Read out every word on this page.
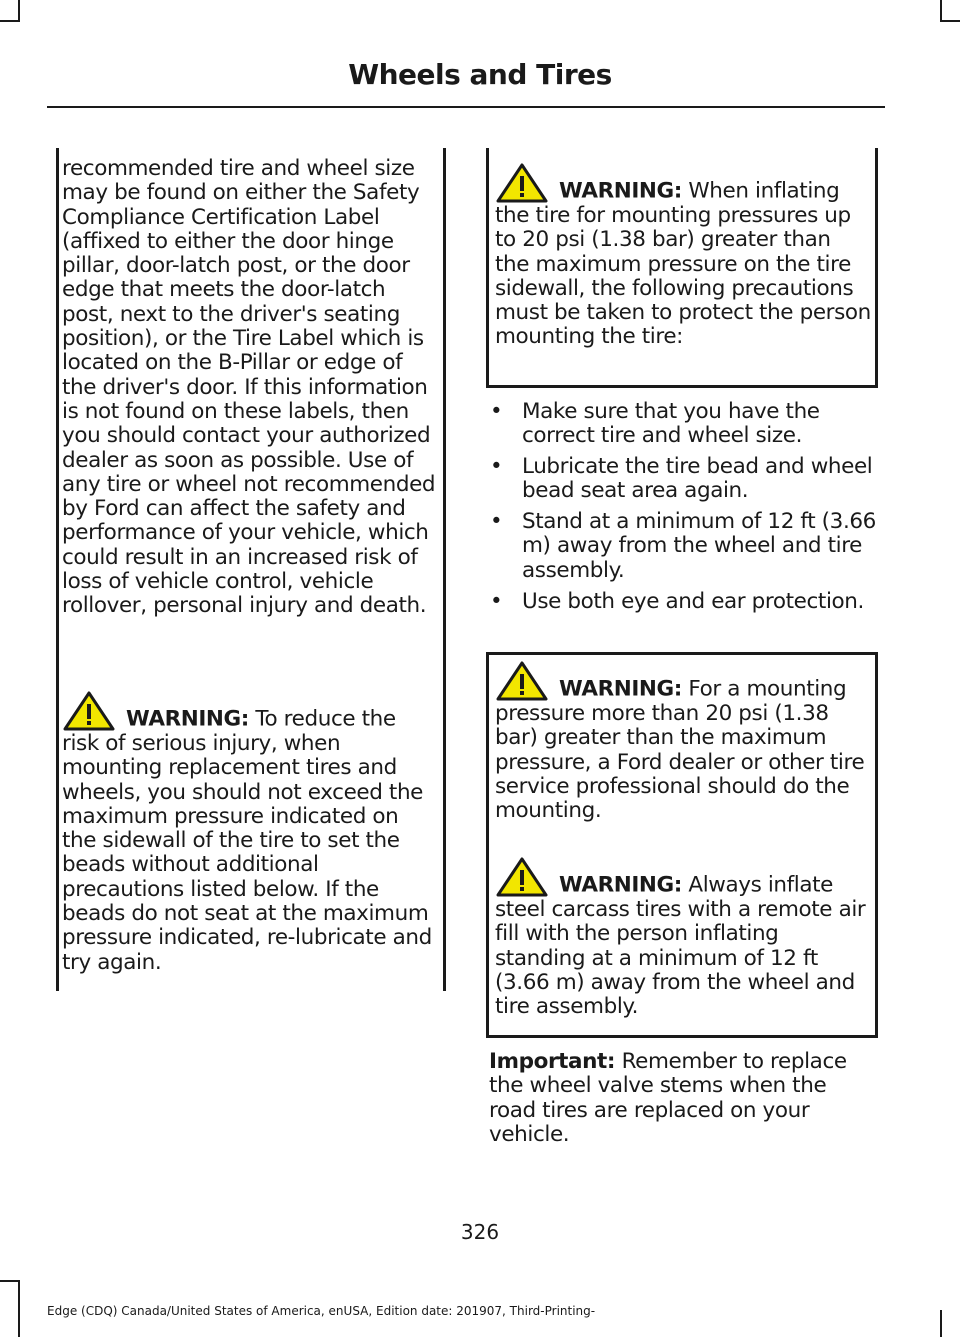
Wheels and Tires

recommended tire and wheel size may be found on either the Safety Compliance Certification Label (affixed to either the door hinge pillar, door-latch post, or the door edge that meets the door-latch post, next to the driver's seating position), or the Tire Label which is located on the B-Pillar or edge of the driver's door. If this information is not found on these labels, then you should contact your authorized dealer as soon as possible. Use of any tire or wheel not recommended by Ford can affect the safety and performance of your vehicle, which could result in an increased risk of loss of vehicle control, vehicle rollover, personal injury and death.

WARNING: To reduce the risk of serious injury, when mounting replacement tires and wheels, you should not exceed the maximum pressure indicated on the sidewall of the tire to set the beads without additional precautions listed below. If the beads do not seat at the maximum pressure indicated, re-lubricate and try again.

WARNING: When inflating the tire for mounting pressures up to 20 psi (1.38 bar) greater than the maximum pressure on the tire sidewall, the following precautions must be taken to protect the person mounting the tire:

• Make sure that you have the correct tire and wheel size.
• Lubricate the tire bead and wheel bead seat area again.
• Stand at a minimum of 12 ft (3.66 m) away from the wheel and tire assembly.
• Use both eye and ear protection.

WARNING: For a mounting pressure more than 20 psi (1.38 bar) greater than the maximum pressure, a Ford dealer or other tire service professional should do the mounting.

WARNING: Always inflate steel carcass tires with a remote air fill with the person inflating standing at a minimum of 12 ft (3.66 m) away from the wheel and tire assembly.

Important: Remember to replace the wheel valve stems when the road tires are replaced on your vehicle.

326
Edge (CDQ) Canada/United States of America, enUSA, Edition date: 201907, Third-Printing-
